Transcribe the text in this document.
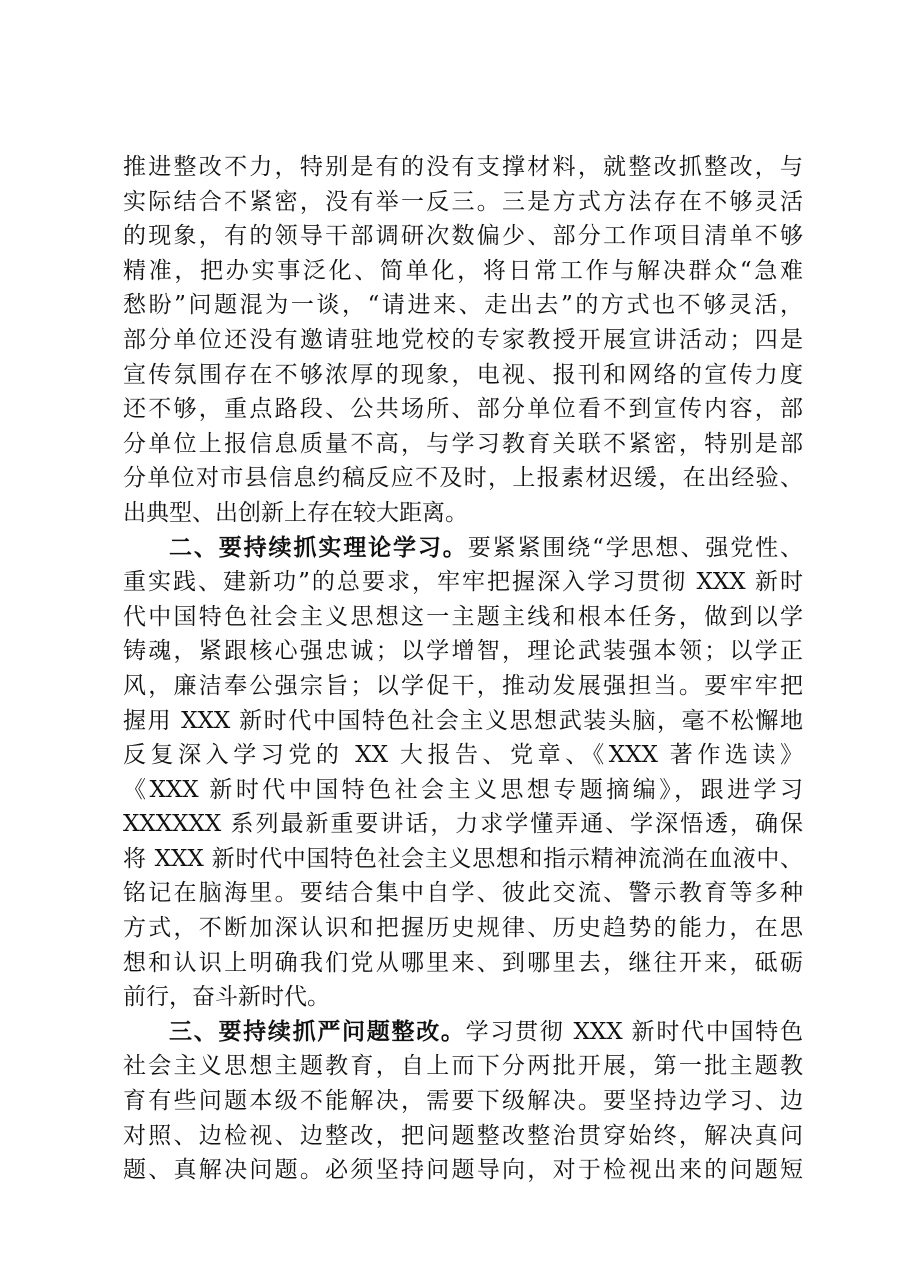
推进整改不力，特别是有的没有支撑材料，就整改抓整改，与
实际结合不紧密，没有举一反三。三是方式方法存在不够灵活
的现象，有的领导干部调研次数偏少、部分工作项目清单不够
精准，把办实事泛化、简单化，将日常工作与解决群众“急难
愁盼”问题混为一谈，“请进来、走出去”的方式也不够灵活，
部分单位还没有邀请驻地党校的专家教授开展宣讲活动；四是
宣传氛围存在不够浓厚的现象，电视、报刊和网络的宣传力度
还不够，重点路段、公共场所、部分单位看不到宣传内容，部
分单位上报信息质量不高，与学习教育关联不紧密，特别是部
分单位对市县信息约稿反应不及时，上报素材迟缓，在出经验、
出典型、出创新上存在较大距离。
二、要持续抓实理论学习。要紧紧围绕“学思想、强党性、
重实践、建新功”的总要求，牢牢把握深入学习贯彻 XXX 新时
代中国特色社会主义思想这一主题主线和根本任务，做到以学
铸魂，紧跟核心强忠诚；以学增智，理论武装强本领；以学正
风，廉洁奉公强宗旨；以学促干，推动发展强担当。要牢牢把
握用 XXX 新时代中国特色社会主义思想武装头脑，毫不松懈地
反复深入学习党的 XX 大报告、党章、《XXX 著作选读》
《XXX 新时代中国特色社会主义思想专题摘编》，跟进学习
XXXXXX 系列最新重要讲话，力求学懂弄通、学深悟透，确保
将 XXX 新时代中国特色社会主义思想和指示精神流淌在血液中、
铭记在脑海里。要结合集中自学、彼此交流、警示教育等多种
方式，不断加深认识和把握历史规律、历史趋势的能力，在思
想和认识上明确我们党从哪里来、到哪里去，继往开来，砥砺
前行，奋斗新时代。
三、要持续抓严问题整改。学习贯彻 XXX 新时代中国特色
社会主义思想主题教育，自上而下分两批开展，第一批主题教
育有些问题本级不能解决，需要下级解决。要坚持边学习、边
对照、边检视、边整改，把问题整改整治贯穿始终，解决真问
题、真解决问题。必须坚持问题导向，对于检视出来的问题短
